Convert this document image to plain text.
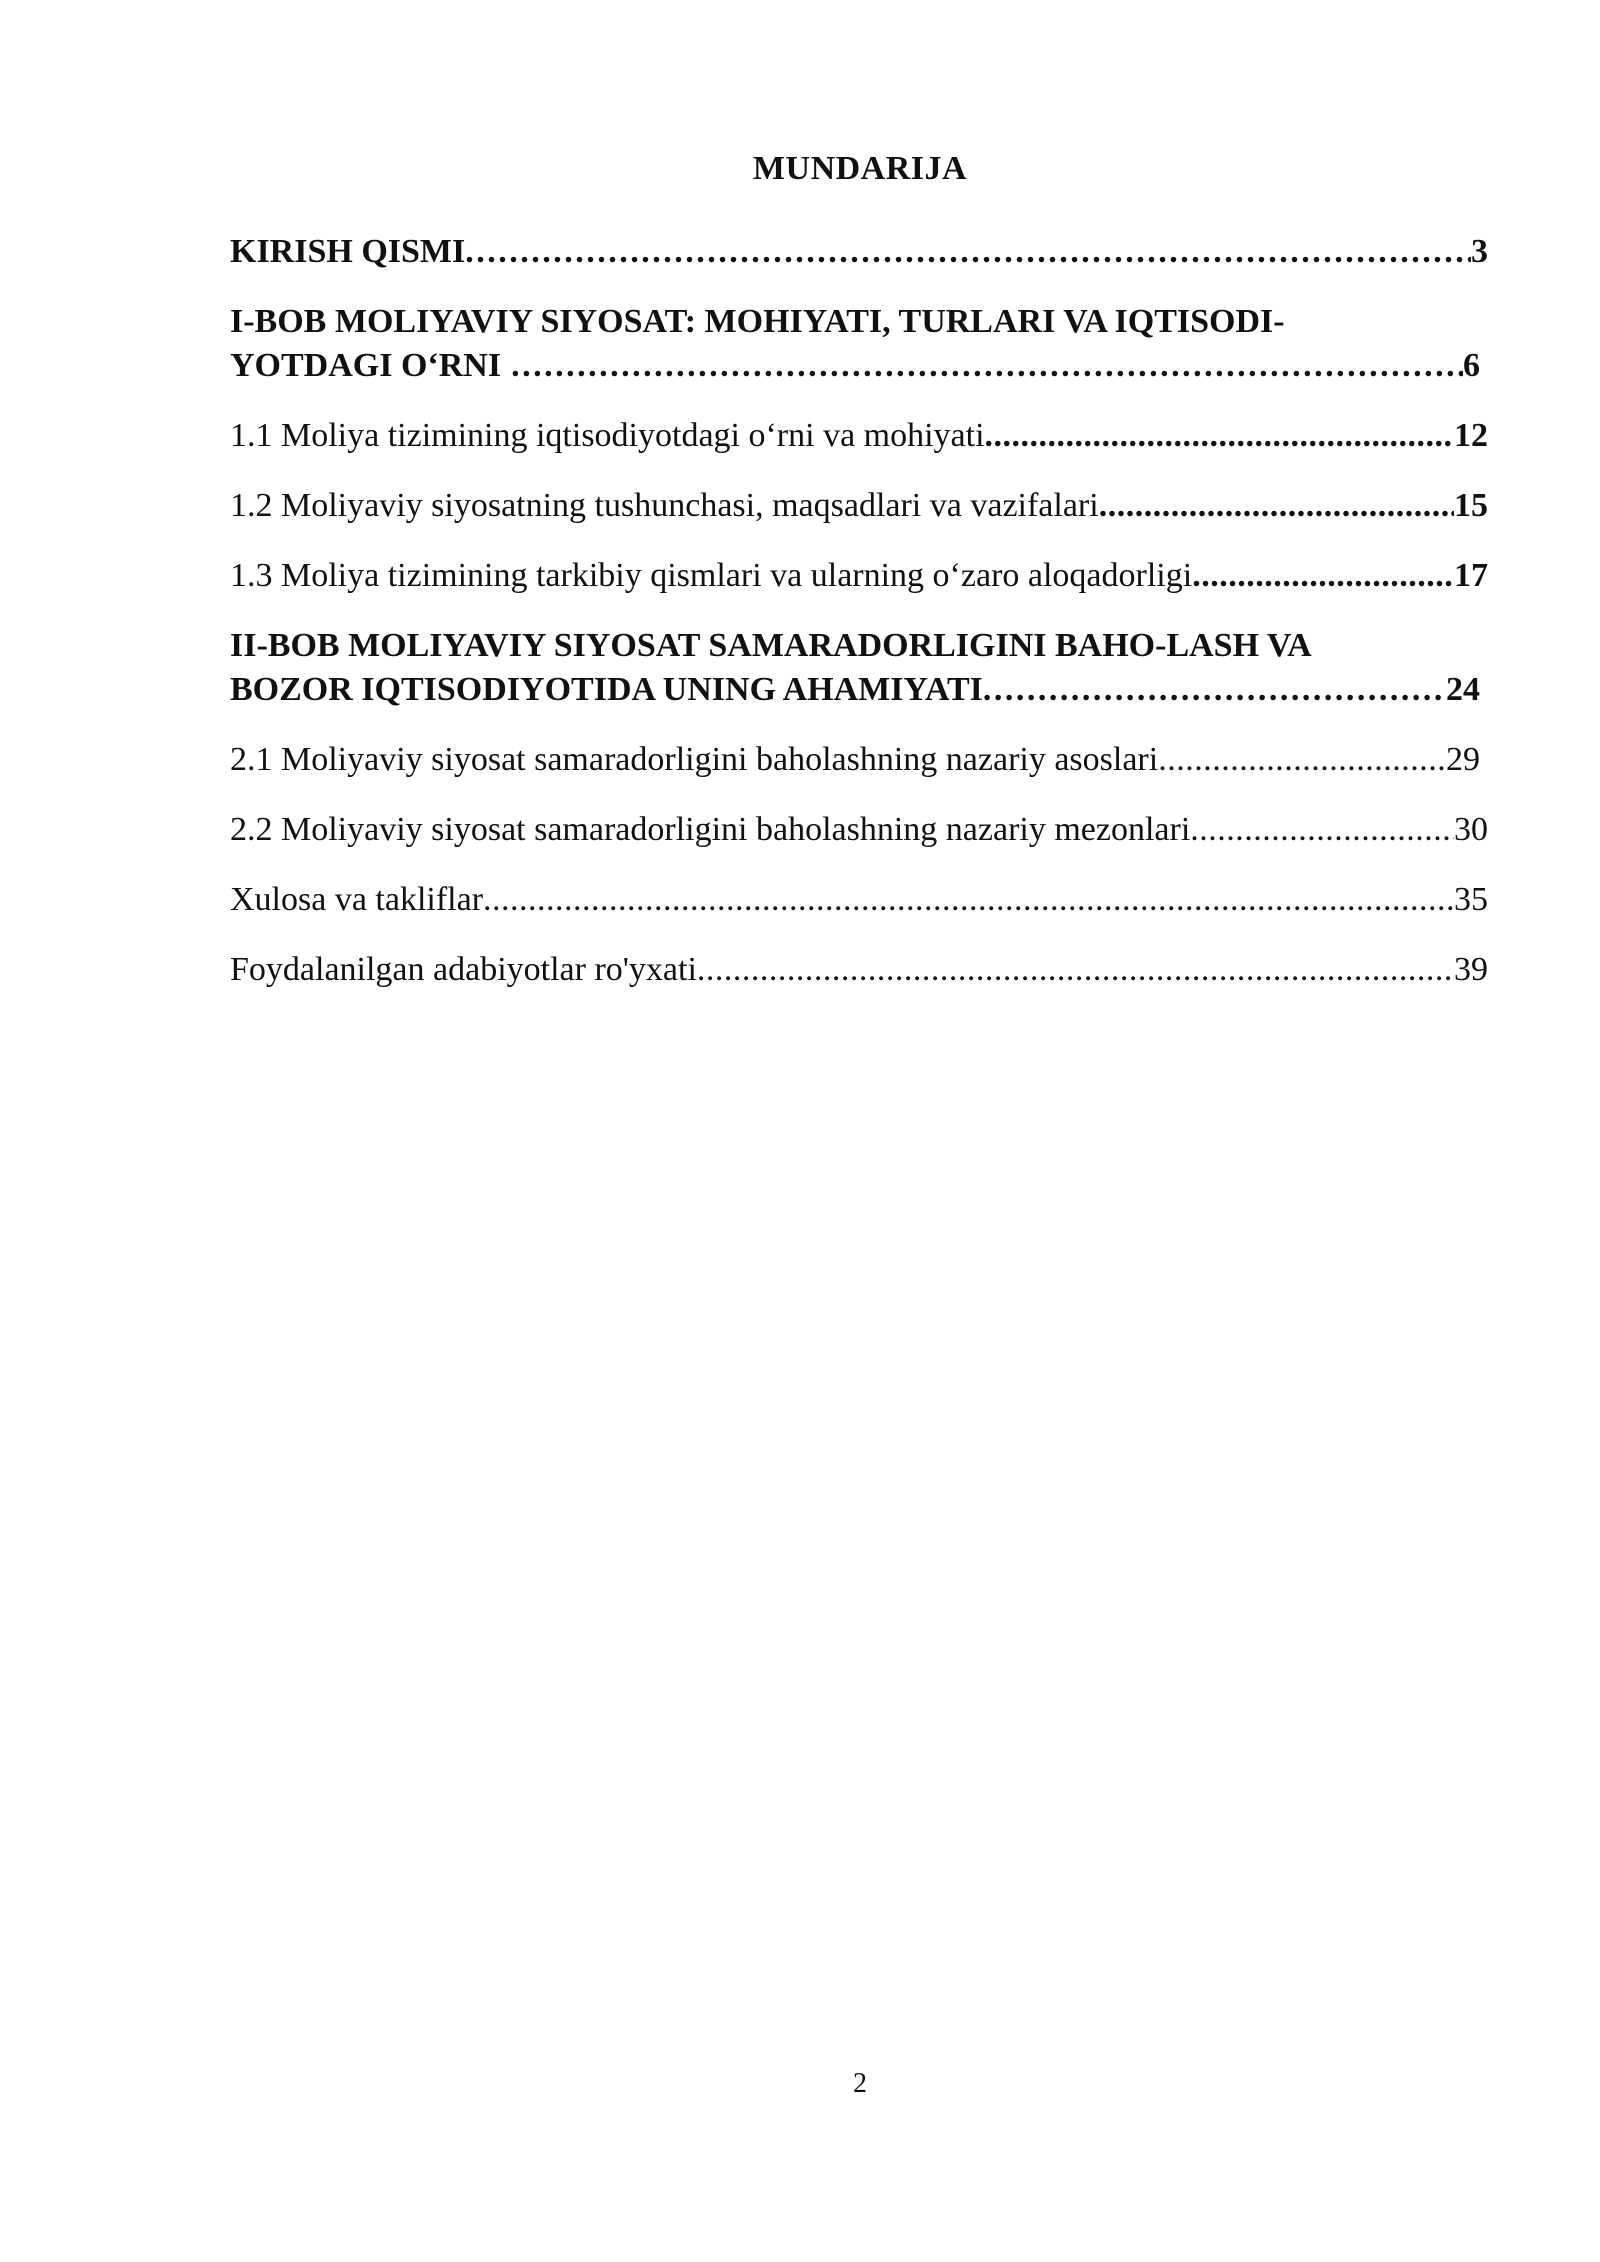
MUNDARIJA
KIRISH QISMI . . .	3
I-BOB MOLIYAVIY SIYOSAT: MOHIYATI, TURLARI VA IQTISODI-
YOTDAGI O‘RNI . . .	6
1.1 Moliya tizimining iqtisodiyotdagi o‘rni va mohiyati . . .	12
1.2 Moliyaviy siyosatning tushunchasi, maqsadlari va vazifalari . . .	15
1.3 Moliya tizimining tarkibiy qismlari va ularning o‘zaro aloqadorligi . . .	17
II-BOB MOLIYAVIY SIYOSAT SAMARADORLIGINI BAHO-LASH VA
BOZOR IQTISODIYOTIDA UNING AHAMIYATI . . .	24
2.1 Moliyaviy siyosat samaradorligini baholashning nazariy asoslari . . .	29
2.2 Moliyaviy siyosat samaradorligini baholashning nazariy mezonlari . . .	30
Xulosa va takliflar . . .	35
Foydalanilgan adabiyotlar ro'yxati . . .	39
2
